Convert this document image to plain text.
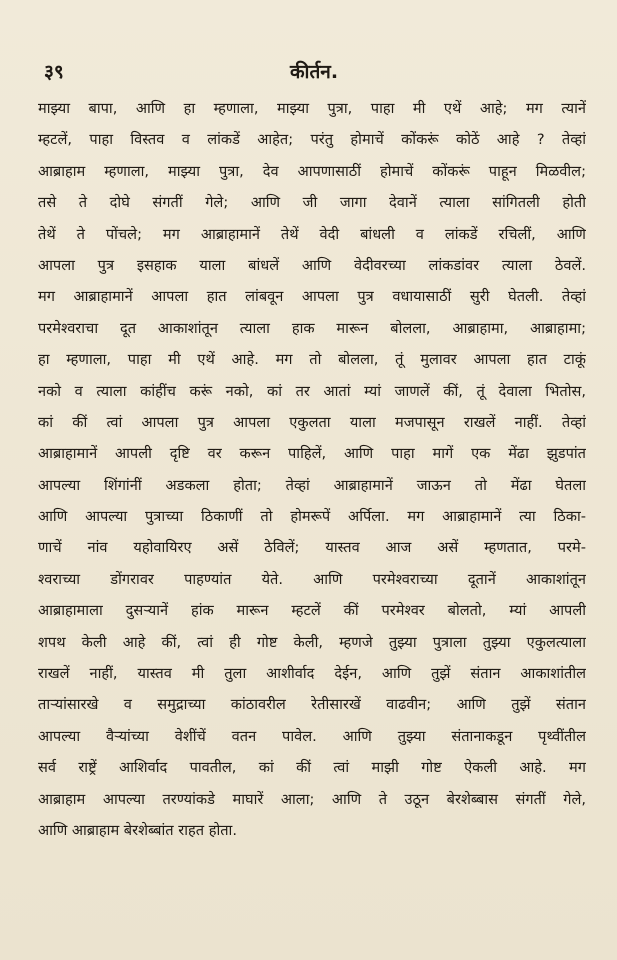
३९	कीर्तन.
माझ्या बापा, आणि हा म्हणाला, माझ्या पुत्रा, पाहा मी एथें आहे; मग त्यानें
म्हटलें, पाहा विस्तव व लांकडें आहेत; परंतु होमाचें कोंकरूं कोठें आहे ? तेव्हां
आब्राहाम म्हणाला, माझ्या पुत्रा, देव आपणासाठीं होमाचें कोंकरूं पाहून मिळवील;
तसे ते दोघे संगतीं गेले; आणि जी जागा देवानें त्याला सांगितली होती
तेथें ते पोंचले; मग आब्राहामानें तेथें वेदी बांधली व लांकडें रचिलीं, आणि
आपला पुत्र इसहाक याला बांधलें आणि वेदीवरच्या लांकडांवर त्याला ठेवलें.
मग आब्राहामानें आपला हात लांबवून आपला पुत्र वधायासाठीं सुरी घेतली. तेव्हां
परमेश्वराचा दूत आकाशांतून त्याला हाक मारून बोलला, आब्राहामा, आब्राहामा;
हा म्हणाला, पाहा मी एथें आहे. मग तो बोलला, तूं मुलावर आपला हात टाकूं
नको व त्याला कांहींच करूं नको, कां तर आतां म्यां जाणलें कीं, तूं देवाला भितोस,
कां कीं त्वां आपला पुत्र आपला एकुलता याला मजपासून राखलें नाहीं. तेव्हां
आब्राहामानें आपली दृष्टि वर करून पाहिलें, आणि पाहा मागें एक मेंढा झुडपांत
आपल्या शिंगांनीं अडकला होता; तेव्हां आब्राहामानें जाऊन तो मेंढा घेतला
आणि आपल्या पुत्राच्या ठिकाणीं तो होमरूपें अर्पिला. मग आब्राहामानें त्या ठिका-
णाचें नांव यहोवायिरए असें ठेविलें; यास्तव आज असें म्हणतात, परमे-
श्वराच्या डोंगरावर पाहण्यांत येते. आणि परमेश्वराच्या दूतानें आकाशांतून
आब्राहामाला दुसऱ्यानें हांक मारून म्हटलें कीं परमेश्वर बोलतो, म्यां आपली
शपथ केली आहे कीं, त्वां ही गोष्ट केली, म्हणजे तुझ्या पुत्राला तुझ्या एकुलत्याला
राखलें नाहीं, यास्तव मी तुला आशीर्वाद देईन, आणि तुझें संतान आकाशांतील
ताऱ्यांसारखे व समुद्राच्या कांठावरील रेतीसारखें वाढवीन; आणि तुझें संतान
आपल्या वैऱ्यांच्या वेशींचें वतन पावेल. आणि तुझ्या संतानाकडून पृथ्वींतील
सर्व राष्ट्रें आशिर्वाद पावतील, कां कीं त्वां माझी गोष्ट ऐकली आहे. मग
आब्राहाम आपल्या तरण्यांकडे माघारें आला; आणि ते उठून बेरशेब्बास संगतीं गेले,
आणि आब्राहाम बेरशेब्बांत राहत होता.
